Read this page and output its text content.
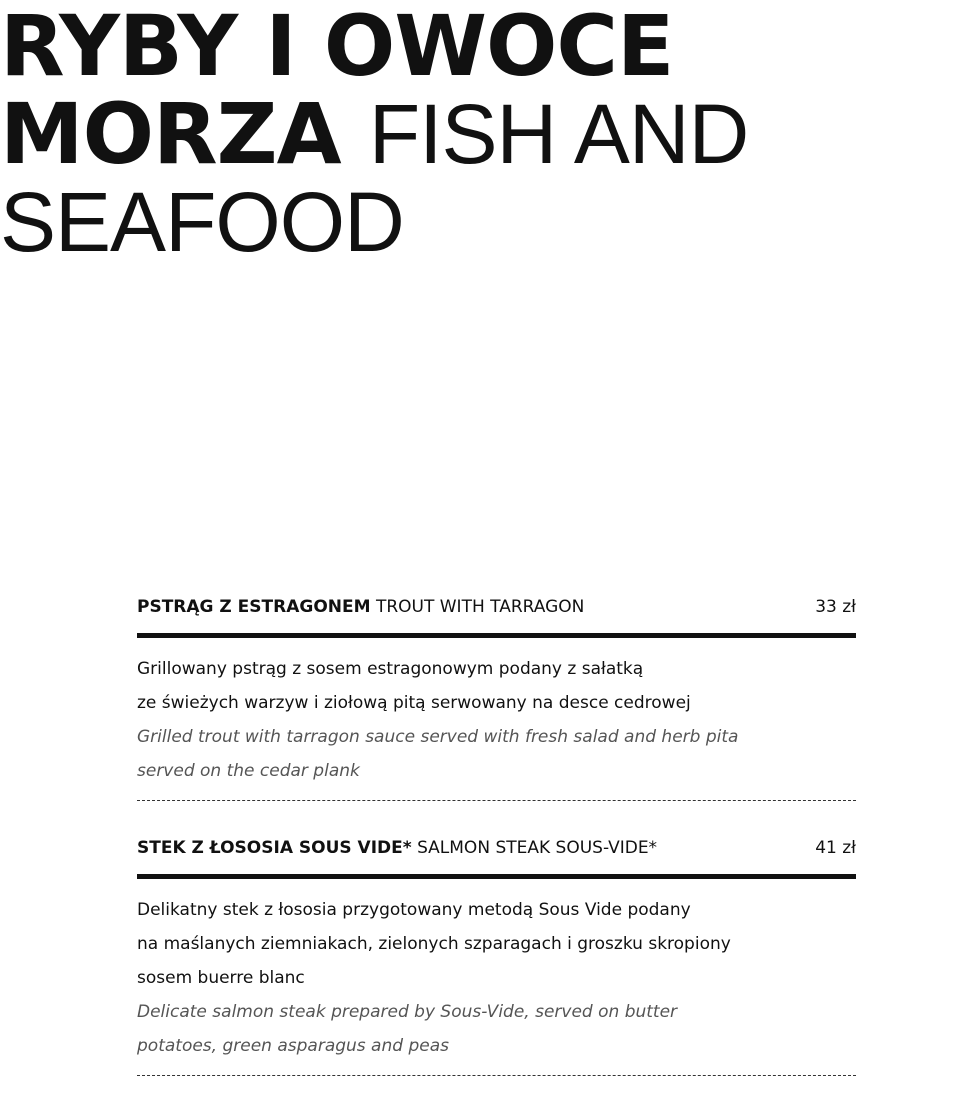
RYBY I OWOCE MORZA FISH AND SEAFOOD
PSTRĄG Z ESTRAGONEM TROUT WITH TARRAGON	33 zł

Grillowany pstrąg z sosem estragonowym podany z sałatką

ze świeżych warzyw i ziołową pitą serwowany na desce cedrowej

Grilled trout with tarragon sauce served with fresh salad and herb pita

served on the cedar plank

STEK Z ŁOSOSIA SOUS VIDE* SALMON STEAK SOUS-VIDE*	41 zł

Delikatny stek z łososia przygotowany metodą Sous Vide podany

na maślanych ziemniakach, zielonych szparagach i groszku skropiony

sosem buerre blanc

Delicate salmon steak prepared by Sous-Vide, served on butter

potatoes, green asparagus and peas
